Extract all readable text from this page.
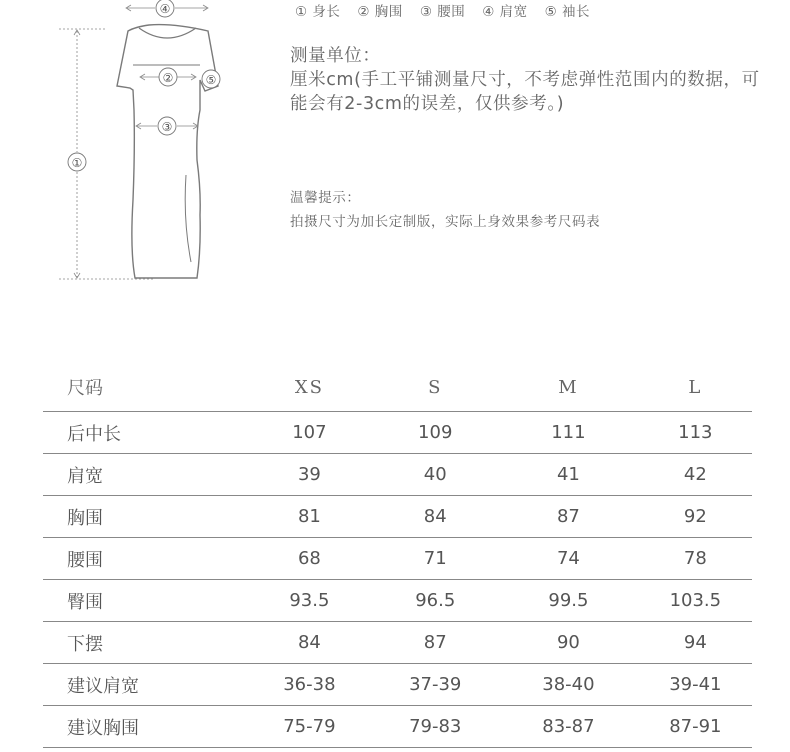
①
④
②	⑤
③
① 身长 ② 胸围 ③ 腰围 ④ 肩宽 ⑤ 袖长
测量单位：
厘米cm(手工平铺测量尺寸，不考虑弹性范围内的数据，可能会有2-3cm的误差，仅供参考。)
温馨提示：
拍摄尺寸为加长定制版，实际上身效果参考尺码表
尺码	XS	S	M	L
后中长	107	109	111	113
肩宽	39	40	41	42
胸围	81	84	87	92
腰围	68	71	74	78
臀围	93.5	96.5	99.5	103.5
下摆	84	87	90	94
建议肩宽	36-38	37-39	38-40	39-41
建议胸围	75-79	79-83	83-87	87-91
